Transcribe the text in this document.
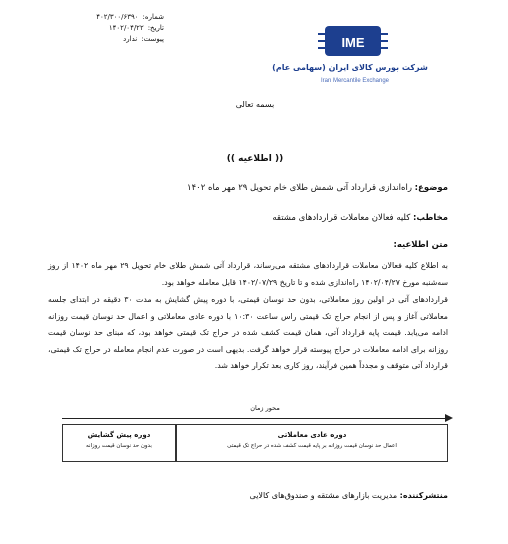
شماره:
۴۰۲/۳۰۰/۶۳۹۰
تاریخ:
۱۴۰۲/۰۴/۲۲
پیوست:
ندارد	IME
شرکت بورس کالای ایران (سهامی عام)
Iran Mercantile Exchange
بسمه تعالی
(( اطلاعیه ))
موضوع: راه‌اندازی قرارداد آتی شمش طلای خام تحویل ۲۹ مهر ماه ۱۴۰۲
مخاطب: کلیه فعالان معاملات قراردادهای مشتقه
متن اطلاعیه:
به اطلاع کلیه فعالان معاملات قراردادهای مشتقه می‌رساند، قرارداد آتی شمش طلای خام تحویل ۲۹ مهر ماه ۱۴۰۲ از روز سه‌شنبه مورخ ۱۴۰۲/۰۴/۲۷ راه‌اندازی شده و تا تاریخ ۱۴۰۲/۰۷/۲۹ قابل معامله خواهد بود.
قراردادهای آتی در اولین روز معاملاتی، بدون حد نوسان قیمتی، با دوره پیش گشایش به مدت ۳۰ دقیقه در ابتدای جلسه معاملاتی آغاز و پس از انجام حراج تک قیمتی راس ساعت ۱۰:۳۰ با دوره عادی معاملاتی و اعمال حد نوسان قیمت روزانه ادامه می‌یابد. قیمت پایه قرارداد آتی، همان قیمت کشف شده در حراج تک قیمتی خواهد بود، که مبنای حد نوسان قیمت روزانه برای ادامه معاملات در حراج پیوسته قرار خواهد گرفت. بدیهی است در صورت عدم انجام معامله در حراج تک قیمتی، قرارداد آتی متوقف و مجدداً همین فرآیند، روز کاری بعد تکرار خواهد شد.
محور زمان
دوره پیش گشایش
بدون حد نوسان قیمت روزانه
دوره عادی معاملاتی
اعمال حد نوسان قیمت روزانه بر پایه قیمت کشف شده در حراج تک قیمتی
منتشرکننده: مدیریت بازارهای مشتقه و صندوق‌های کالایی
